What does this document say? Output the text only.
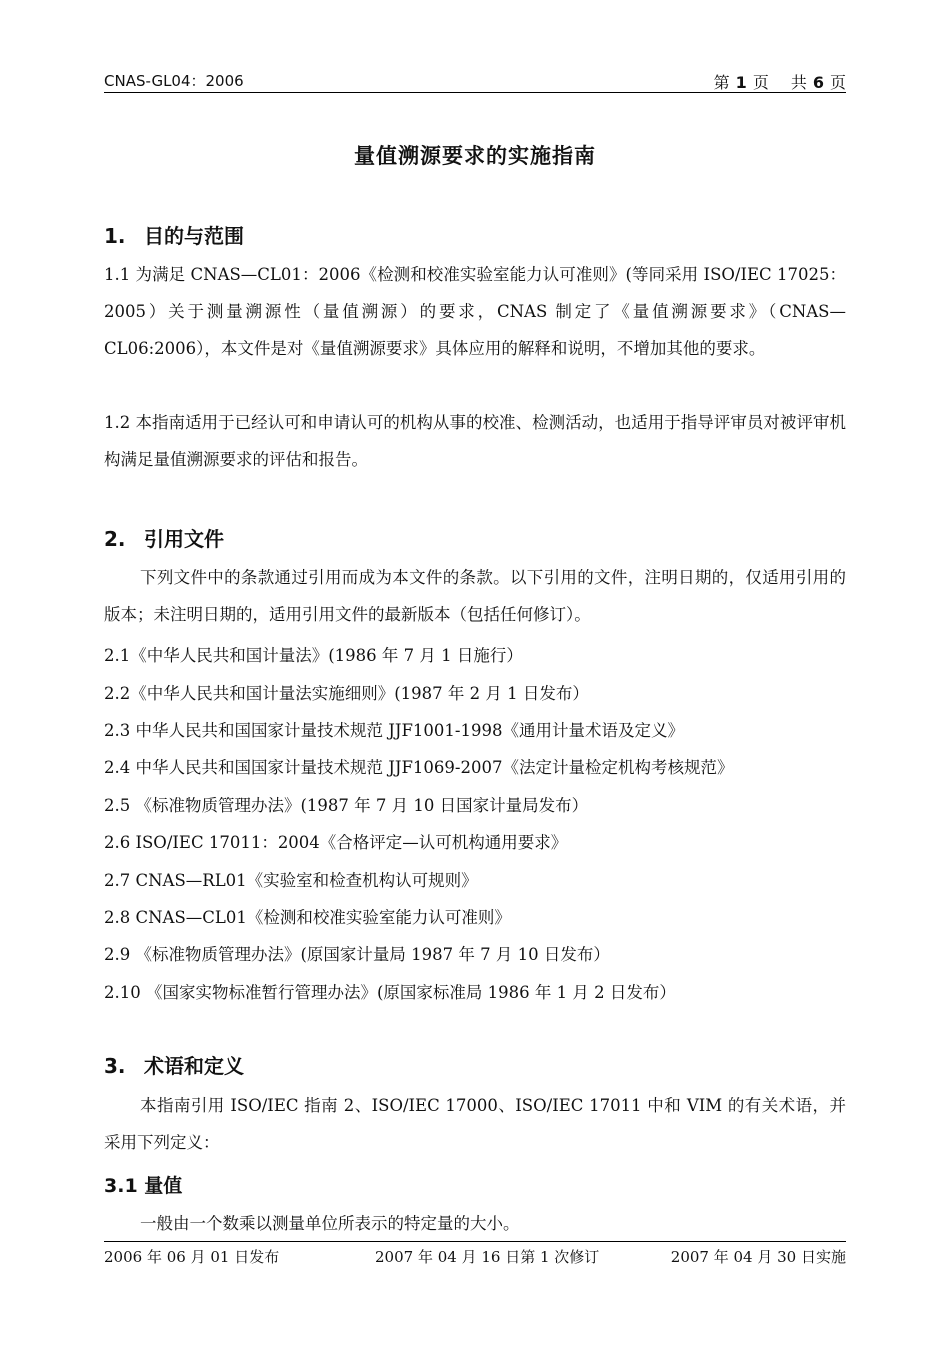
CNAS-GL04：2006	第 1 页 共 6 页
量值溯源要求的实施指南
1. 目的与范围
1.1 为满足 CNAS—CL01：2006《检测和校准实验室能力认可准则》(等同采用 ISO/IEC 17025：2005）关于测量溯源性（量值溯源）的要求，CNAS 制定了《量值溯源要求》（CNAS—CL06:2006），本文件是对《量值溯源要求》具体应用的解释和说明，不增加其他的要求。
1.2 本指南适用于已经认可和申请认可的机构从事的校准、检测活动，也适用于指导评审员对被评审机构满足量值溯源要求的评估和报告。
2. 引用文件
下列文件中的条款通过引用而成为本文件的条款。以下引用的文件，注明日期的，仅适用引用的版本；未注明日期的，适用引用文件的最新版本（包括任何修订）。
2.1《中华人民共和国计量法》(1986 年 7 月 1 日施行）
2.2《中华人民共和国计量法实施细则》(1987 年 2 月 1 日发布）
2.3 中华人民共和国国家计量技术规范 JJF1001-1998《通用计量术语及定义》
2.4 中华人民共和国国家计量技术规范 JJF1069-2007《法定计量检定机构考核规范》
2.5 《标准物质管理办法》(1987 年 7 月 10 日国家计量局发布）
2.6 ISO/IEC 17011：2004《合格评定—认可机构通用要求》
2.7 CNAS—RL01《实验室和检查机构认可规则》
2.8 CNAS—CL01《检测和校准实验室能力认可准则》
2.9 《标准物质管理办法》(原国家计量局 1987 年 7 月 10 日发布）
2.10 《国家实物标准暂行管理办法》(原国家标准局 1986 年 1 月 2 日发布）
3. 术语和定义
本指南引用 ISO/IEC 指南 2、ISO/IEC 17000、ISO/IEC 17011 中和 VIM 的有关术语，并采用下列定义：
3.1 量值
一般由一个数乘以测量单位所表示的特定量的大小。
2006 年 06 月 01 日发布	2007 年 04 月 16 日第 1 次修订	2007 年 04 月 30 日实施
